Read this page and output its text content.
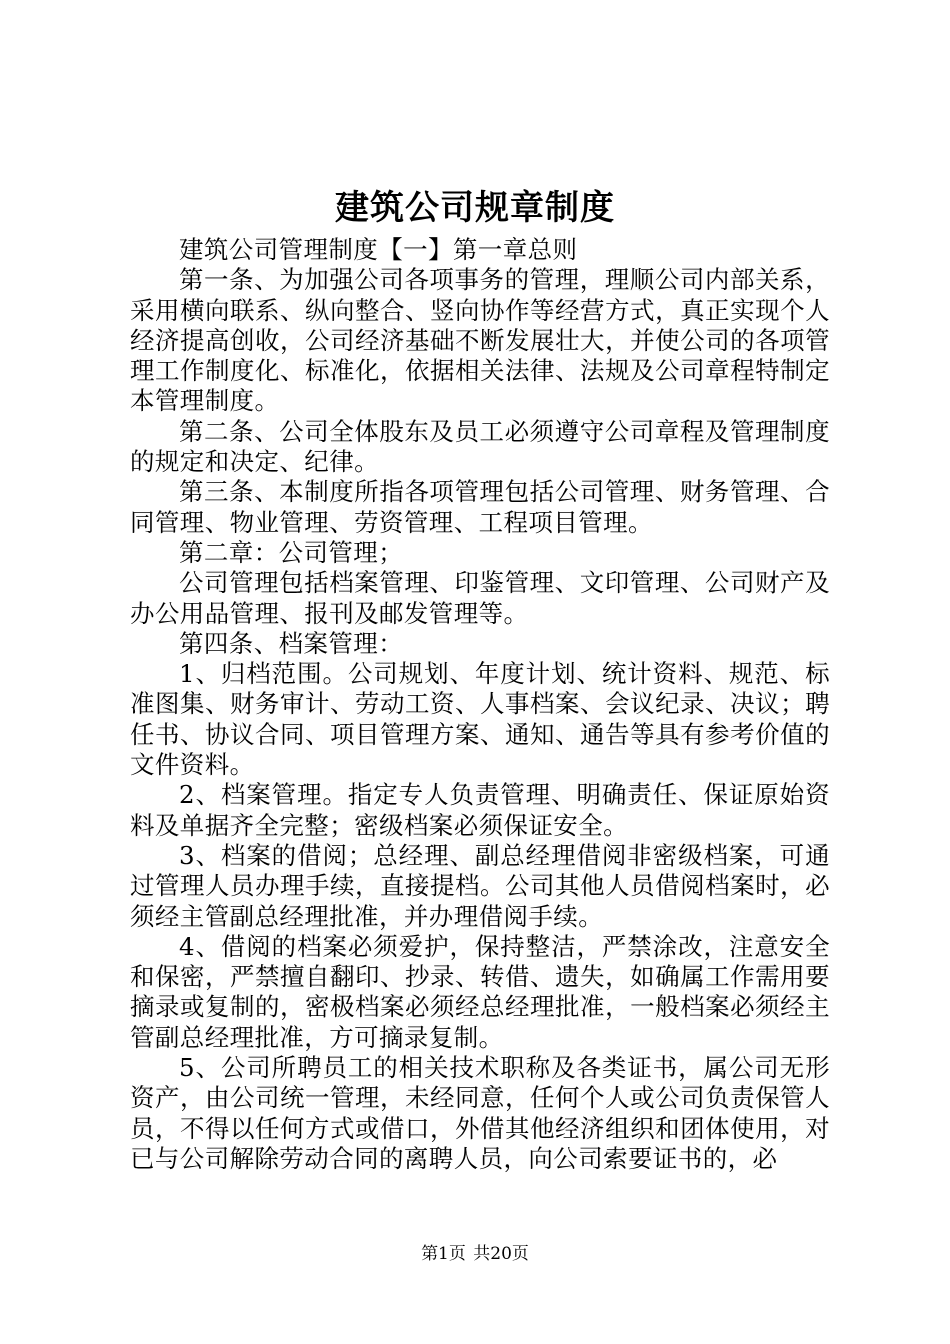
建筑公司规章制度

建筑公司管理制度【一】第一章总则

第一条、为加强公司各项事务的管理，理顺公司内部关系，采用横向联系、纵向整合、竖向协作等经营方式，真正实现个人经济提高创收，公司经济基础不断发展壮大，并使公司的各项管理工作制度化、标准化，依据相关法律、法规及公司章程特制定本管理制度。

第二条、公司全体股东及员工必须遵守公司章程及管理制度的规定和决定、纪律。

第三条、本制度所指各项管理包括公司管理、财务管理、合同管理、物业管理、劳资管理、工程项目管理。

第二章：公司管理；

公司管理包括档案管理、印鉴管理、文印管理、公司财产及办公用品管理、报刊及邮发管理等。

第四条、档案管理：

1、归档范围。公司规划、年度计划、统计资料、规范、标准图集、财务审计、劳动工资、人事档案、会议纪录、决议；聘任书、协议合同、项目管理方案、通知、通告等具有参考价值的文件资料。

2、档案管理。指定专人负责管理、明确责任、保证原始资料及单据齐全完整；密级档案必须保证安全。

3、档案的借阅；总经理、副总经理借阅非密级档案，可通过管理人员办理手续，直接提档。公司其他人员借阅档案时，必须经主管副总经理批准，并办理借阅手续。

4、借阅的档案必须爱护，保持整洁，严禁涂改，注意安全和保密，严禁擅自翻印、抄录、转借、遗失，如确属工作需用要摘录或复制的，密极档案必须经总经理批准，一般档案必须经主管副总经理批准，方可摘录复制。

5、公司所聘员工的相关技术职称及各类证书，属公司无形资产，由公司统一管理，未经同意，任何个人或公司负责保管人员，不得以任何方式或借口，外借其他经济组织和团体使用，对已与公司解除劳动合同的离聘人员，向公司索要证书的，必

第1页 共20页
